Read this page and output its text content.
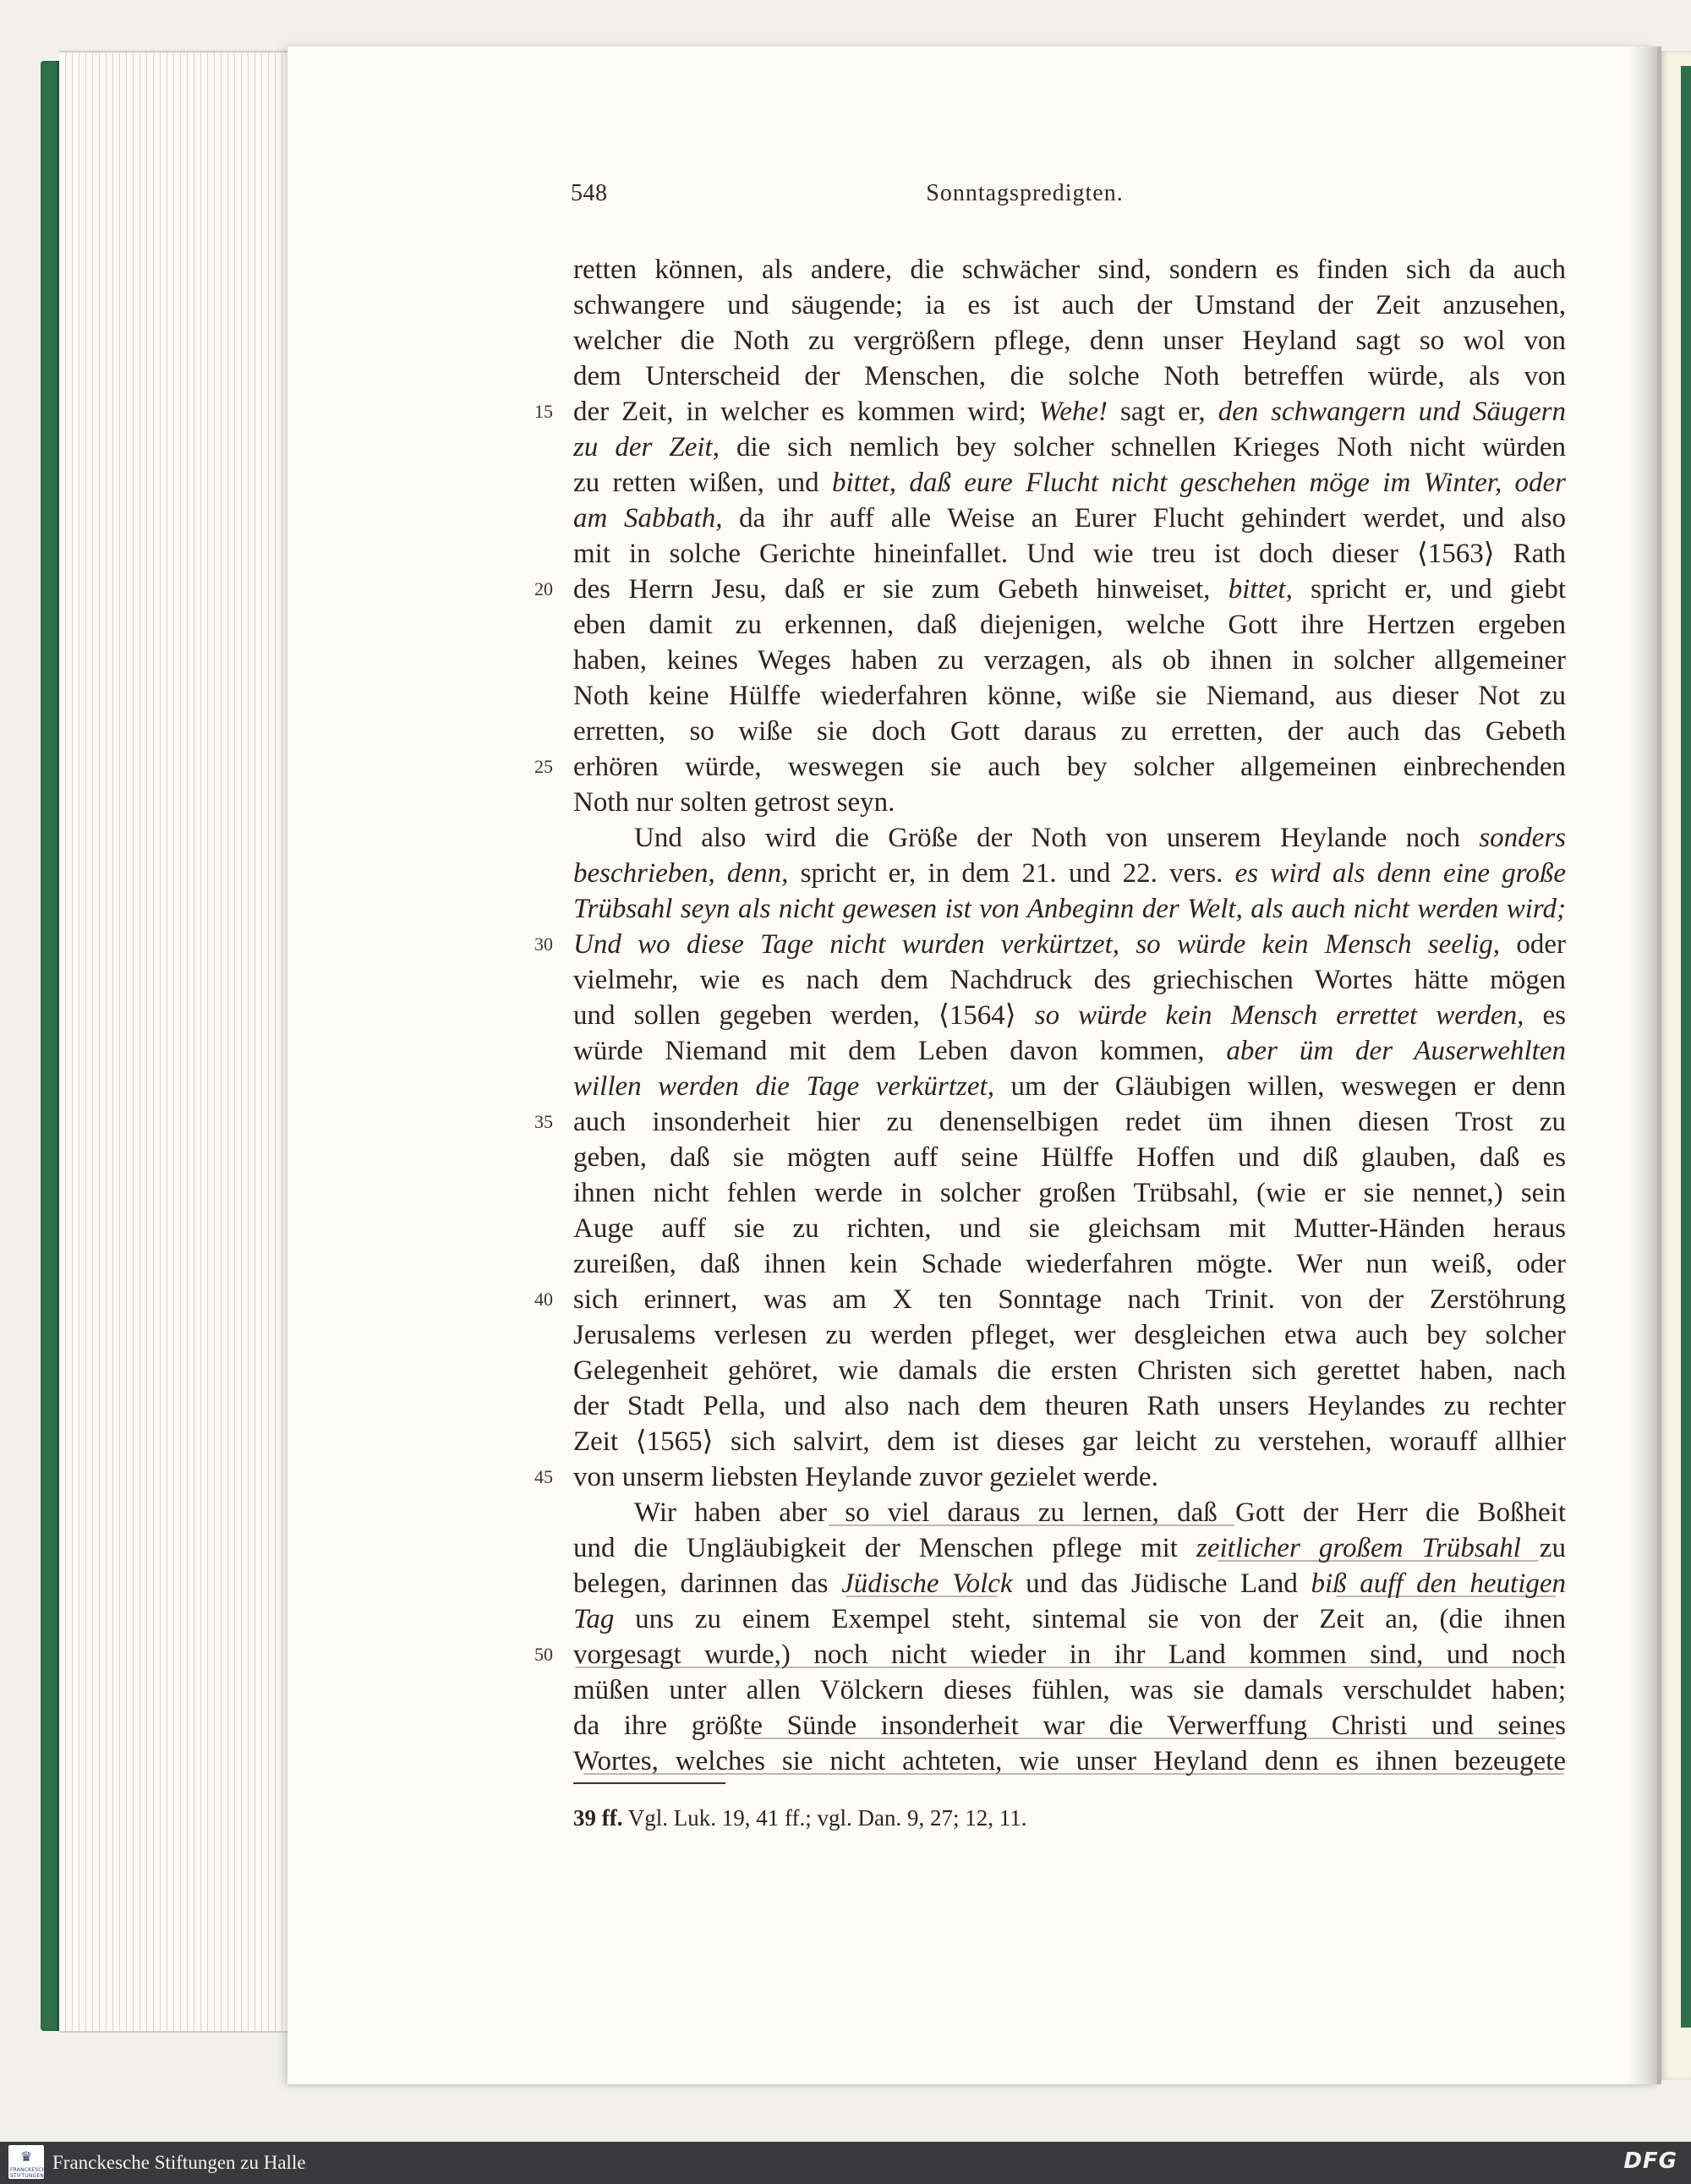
548	Sonntagspredigten.
15
20
25
30
35
40
45
50
retten können, als andere, die schwächer sind, sondern es finden sich da auch
schwangere und säugende; ia es ist auch der Umstand der Zeit anzusehen,
welcher die Noth zu vergrößern pflege, denn unser Heyland sagt so wol von
dem Unterscheid der Menschen, die solche Noth betreffen würde, als von
der Zeit, in welcher es kommen wird; Wehe! sagt er, den schwangern und Säugern
zu der Zeit, die sich nemlich bey solcher schnellen Krieges Noth nicht würden
zu retten wißen, und bittet, daß eure Flucht nicht geschehen möge im Winter, oder
am Sabbath, da ihr auff alle Weise an Eurer Flucht gehindert werdet, und also
mit in solche Gerichte hineinfallet. Und wie treu ist doch dieser ⟨1563⟩ Rath
des Herrn Jesu, daß er sie zum Gebeth hinweiset, bittet, spricht er, und giebt
eben damit zu erkennen, daß diejenigen, welche Gott ihre Hertzen ergeben
haben, keines Weges haben zu verzagen, als ob ihnen in solcher allgemeiner
Noth keine Hülffe wiederfahren könne, wiße sie Niemand, aus dieser Not zu
erretten, so wiße sie doch Gott daraus zu erretten, der auch das Gebeth
erhören würde, weswegen sie auch bey solcher allgemeinen einbrechenden
Noth nur solten getrost seyn.
Und also wird die Größe der Noth von unserem Heylande noch sonders
beschrieben, denn, spricht er, in dem 21. und 22. vers. es wird als denn eine große
Trübsahl seyn als nicht gewesen ist von Anbeginn der Welt, als auch nicht werden wird;
Und wo diese Tage nicht wurden verkürtzet, so würde kein Mensch seelig, oder
vielmehr, wie es nach dem Nachdruck des griechischen Wortes hätte mögen
und sollen gegeben werden, ⟨1564⟩ so würde kein Mensch errettet werden, es
würde Niemand mit dem Leben davon kommen, aber üm der Auserwehlten
willen werden die Tage verkürtzet, um der Gläubigen willen, weswegen er denn
auch insonderheit hier zu denenselbigen redet üm ihnen diesen Trost zu
geben, daß sie mögten auff seine Hülffe Hoffen und diß glauben, daß es
ihnen nicht fehlen werde in solcher großen Trübsahl, (wie er sie nennet,) sein
Auge auff sie zu richten, und sie gleichsam mit Mutter-Händen heraus
zureißen, daß ihnen kein Schade wiederfahren mögte. Wer nun weiß, oder
sich erinnert, was am X ten Sonntage nach Trinit. von der Zerstöhrung
Jerusalems verlesen zu werden pfleget, wer desgleichen etwa auch bey solcher
Gelegenheit gehöret, wie damals die ersten Christen sich gerettet haben, nach
der Stadt Pella, und also nach dem theuren Rath unsers Heylandes zu rechter
Zeit ⟨1565⟩ sich salvirt, dem ist dieses gar leicht zu verstehen, worauff allhier
von unserm liebsten Heylande zuvor gezielet werde.
Wir haben aber so viel daraus zu lernen, daß Gott der Herr die Boßheit
und die Ungläubigkeit der Menschen pflege mit zeitlicher großem Trübsahl zu
belegen, darinnen das Jüdische Volck und das Jüdische Land biß auff den heutigen
Tag uns zu einem Exempel steht, sintemal sie von der Zeit an, (die ihnen
vorgesagt wurde,) noch nicht wieder in ihr Land kommen sind, und noch
müßen unter allen Völckern dieses fühlen, was sie damals verschuldet haben;
da ihre größte Sünde insonderheit war die Verwerffung Christi und seines
Wortes, welches sie nicht achteten, wie unser Heyland denn es ihnen bezeugete
39 ff. Vgl. Luk. 19, 41 ff.; vgl. Dan. 9, 27; 12, 11.
♛
FRANCKESCHE STIFTUNGEN
Franckesche Stiftungen zu Halle	DFG
